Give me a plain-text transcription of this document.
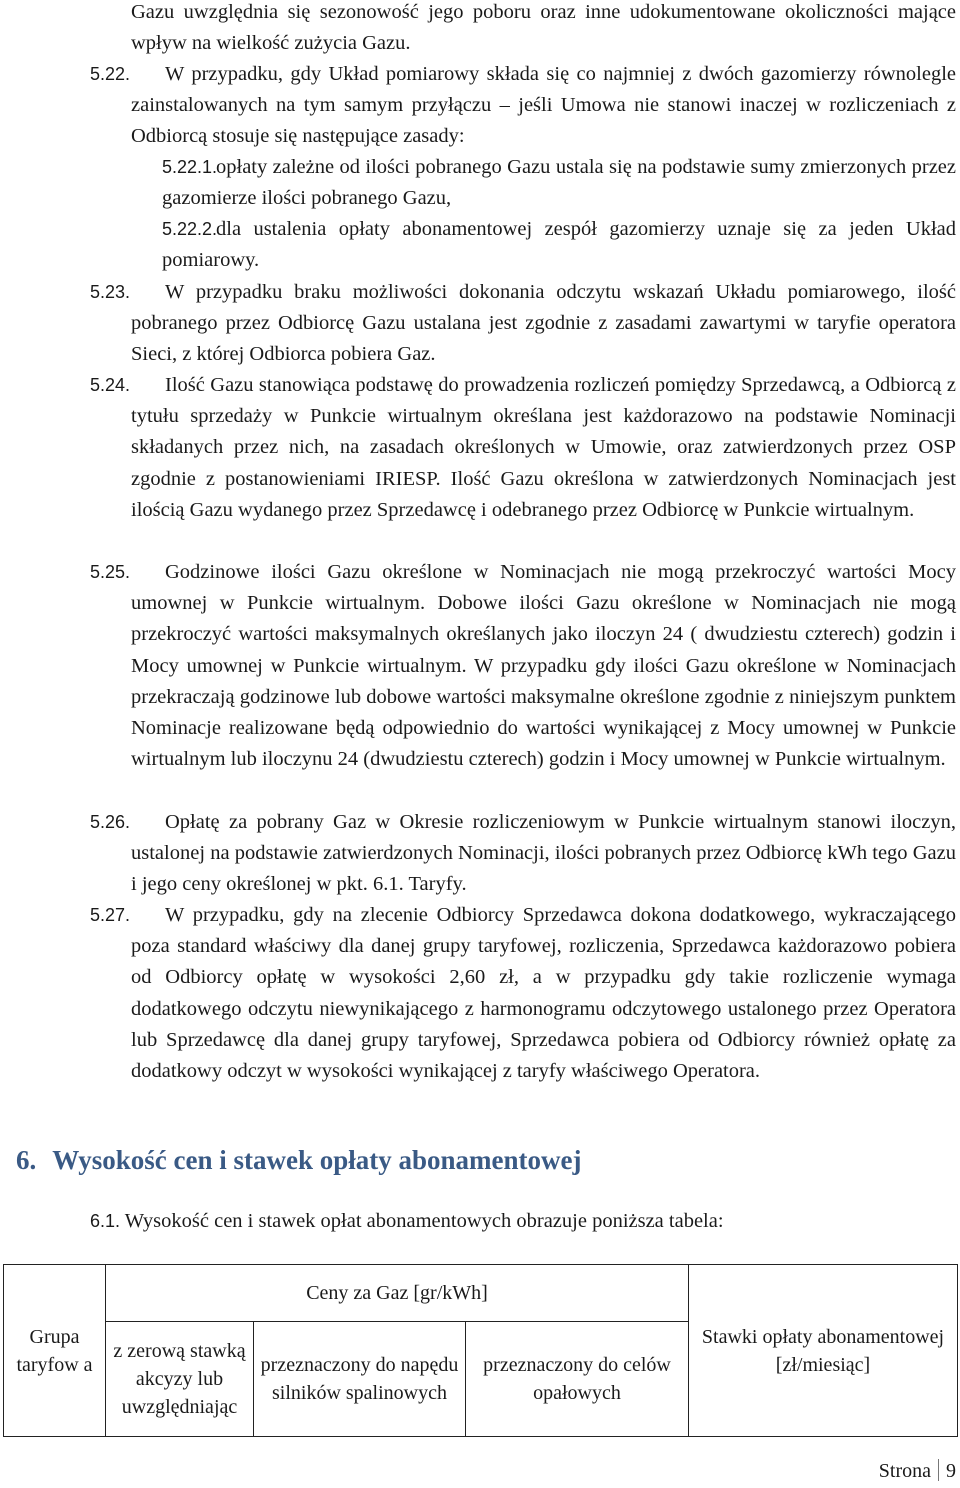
Gazu uwzględnia się sezonowość jego poboru oraz inne udokumentowane okoliczności mające wpływ na wielkość zużycia Gazu.
5.22.	W przypadku, gdy Układ pomiarowy składa się co najmniej z dwóch gazomierzy równolegle zainstalowanych na tym samym przyłączu – jeśli Umowa nie stanowi inaczej w rozliczeniach z Odbiorcą stosuje się następujące zasady:
5.22.1.
opłaty zależne od ilości pobranego Gazu ustala się na podstawie sumy zmierzonych przez gazomierze ilości pobranego Gazu,
5.22.2.
dla ustalenia opłaty abonamentowej zespół gazomierzy uznaje się za jeden Układ pomiarowy.
5.23.	W przypadku braku możliwości dokonania odczytu wskazań Układu pomiarowego, ilość pobranego przez Odbiorcę Gazu ustalana jest zgodnie z zasadami zawartymi w taryfie operatora Sieci, z której Odbiorca pobiera Gaz.
5.24.	Ilość Gazu stanowiąca podstawę do prowadzenia rozliczeń pomiędzy Sprzedawcą, a Odbiorcą z tytułu sprzedaży w Punkcie wirtualnym określana jest każdorazowo na podstawie Nominacji składanych przez nich, na zasadach określonych w Umowie, oraz zatwierdzonych przez OSP zgodnie z postanowieniami IRIESP. Ilość Gazu określona w zatwierdzonych Nominacjach jest ilością Gazu wydanego przez Sprzedawcę i odebranego przez Odbiorcę w Punkcie wirtualnym.
5.25.	Godzinowe ilości Gazu określone w Nominacjach nie mogą przekroczyć wartości Mocy umownej w Punkcie wirtualnym. Dobowe ilości Gazu określone w Nominacjach nie mogą przekroczyć wartości maksymalnych określanych jako iloczyn 24 ( dwudziestu czterech) godzin i Mocy umownej w Punkcie wirtualnym. W przypadku gdy ilości Gazu określone w Nominacjach przekraczają godzinowe lub dobowe wartości maksymalne określone zgodnie z niniejszym punktem Nominacje realizowane będą odpowiednio do wartości wynikającej z Mocy umownej w Punkcie wirtualnym lub iloczynu 24 (dwudziestu czterech) godzin i Mocy umownej w Punkcie wirtualnym.
5.26.	Opłatę za pobrany Gaz w Okresie rozliczeniowym w Punkcie wirtualnym stanowi iloczyn, ustalonej na podstawie zatwierdzonych Nominacji, ilości pobranych przez Odbiorcę kWh tego Gazu i jego ceny określonej w pkt. 6.1. Taryfy.
5.27.	W przypadku, gdy na zlecenie Odbiorcy Sprzedawca dokona dodatkowego, wykraczającego poza standard właściwy dla danej grupy taryfowej, rozliczenia, Sprzedawca każdorazowo pobiera od Odbiorcy opłatę w wysokości 2,60 zł, a w przypadku gdy takie rozliczenie wymaga dodatkowego odczytu niewynikającego z harmonogramu odczytowego ustalonego przez Operatora lub Sprzedawcę dla danej grupy taryfowej, Sprzedawca pobiera od Odbiorcy również opłatę za dodatkowy odczyt w wysokości wynikającej z taryfy właściwego Operatora.
6. Wysokość cen i stawek opłaty abonamentowej
6.1. Wysokość cen i stawek opłat abonamentowych obrazuje poniższa tabela:
Grupa taryfow a	Ceny za Gaz [gr/kWh]			Stawki opłaty abonamentowej [zł/miesiąc]
	z zerową stawką akcyzy lub uwzględniając	przeznaczony do napędu silników spalinowych	przeznaczony do celów opałowych	
Strona 9
